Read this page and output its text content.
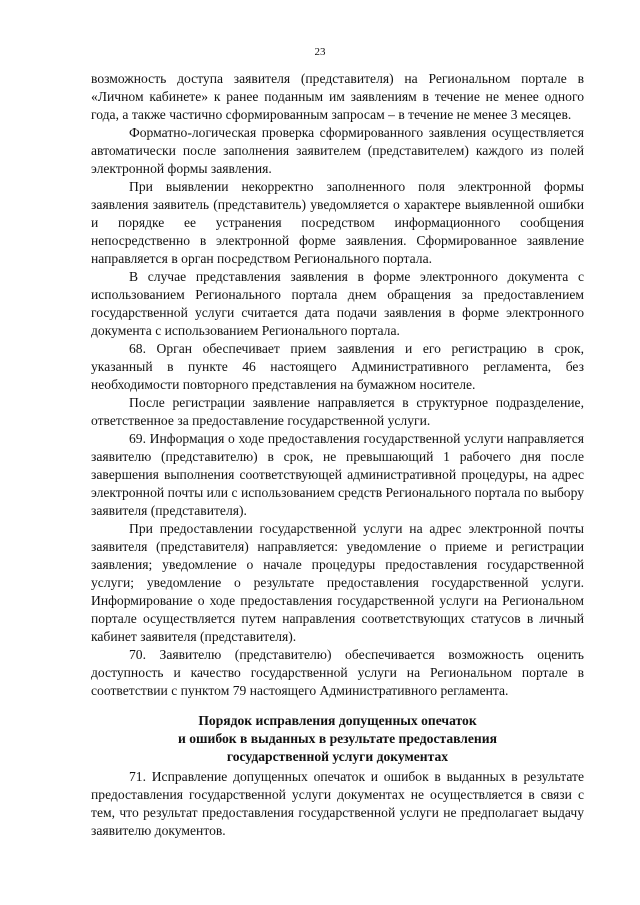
23

возможность доступа заявителя (представителя) на Региональном портале в «Личном кабинете» к ранее поданным им заявлениям в течение не менее одного года, а также частично сформированным запросам – в течение не менее 3 месяцев.

Форматно-логическая проверка сформированного заявления осуществляется автоматически после заполнения заявителем (представителем) каждого из полей электронной формы заявления.

При выявлении некорректно заполненного поля электронной формы заявления заявитель (представитель) уведомляется о характере выявленной ошибки и порядке ее устранения посредством информационного сообщения непосредственно в электронной форме заявления. Сформированное заявление направляется в орган посредством Регионального портала.

В случае представления заявления в форме электронного документа с использованием Регионального портала днем обращения за предоставлением государственной услуги считается дата подачи заявления в форме электронного документа с использованием Регионального портала.

68. Орган обеспечивает прием заявления и его регистрацию в срок, указанный в пункте 46 настоящего Административного регламента, без необходимости повторного представления на бумажном носителе.

После регистрации заявление направляется в структурное подразделение, ответственное за предоставление государственной услуги.

69. Информация о ходе предоставления государственной услуги направляется заявителю (представителю) в срок, не превышающий 1 рабочего дня после завершения выполнения соответствующей административной процедуры, на адрес электронной почты или с использованием средств Регионального портала по выбору заявителя (представителя).

При предоставлении государственной услуги на адрес электронной почты заявителя (представителя) направляется: уведомление о приеме и регистрации заявления; уведомление о начале процедуры предоставления государственной услуги; уведомление о результате предоставления государственной услуги. Информирование о ходе предоставления государственной услуги на Региональном портале осуществляется путем направления соответствующих статусов в личный кабинет заявителя (представителя).

70. Заявителю (представителю) обеспечивается возможность оценить доступность и качество государственной услуги на Региональном портале в соответствии с пунктом 79 настоящего Административного регламента.

Порядок исправления допущенных опечаток
и ошибок в выданных в результате предоставления
государственной услуги документах

71. Исправление допущенных опечаток и ошибок в выданных в результате предоставления государственной услуги документах не осуществляется в связи с тем, что результат предоставления государственной услуги не предполагает выдачу заявителю документов.
